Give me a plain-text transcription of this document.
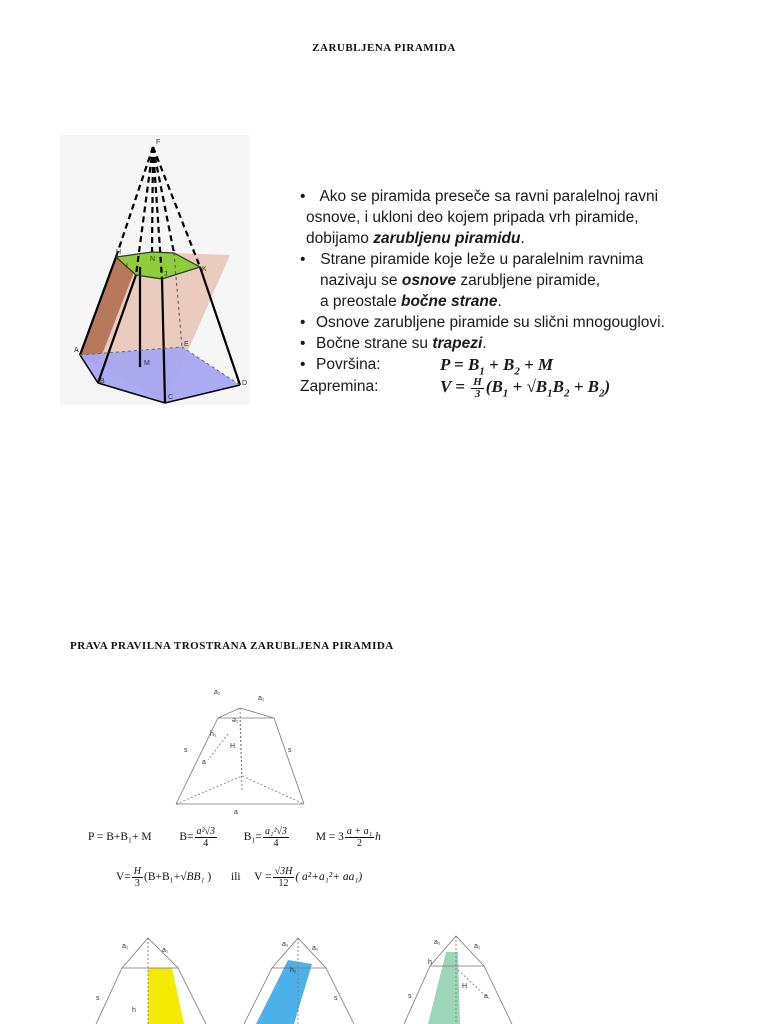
ZARUBLJENA PIRAMIDA
F
H	L
K
N
I
J
A
B
C
D
E
M
• Ako se piramida preseče sa ravni paralelnoj ravni
osnove, i ukloni deo kojem pripada vrh piramide,
dobijamo zarubljenu piramidu.
• Strane piramide koje leže u paralelnim ravnima
nazivaju se osnove zarubljene piramide,
a preostale bočne strane.
• Osnove zarubljene piramide su slični mnogouglovi.
• Bočne strane su trapezi.
• Površina:	$P = B_1 + B_2 + M$
Zapremina:	$V = \frac{H}{3} (B_1 + √B_1B_2 + B_2)$
PRAVA PRAVILNA TROSTRANA ZARUBLJENA PIRAMIDA
a₁
a₁
ə₁
h₁
H
s	s
a
a
P = B+B₁+ M $B= \frac{\text{a²√3}}{4} B_1= \frac{\text{a₁²√3}}{4}$ $M = 3 \frac{\text{a + a₁}}{2}$ h
$V= \frac{H}{3} (B+B_1+√BB_1$ ) ili $V = \frac{√3H}{12}$ ( a²+a₁²+ aa₁)
a₁
a₁
s
h
a₁
a₁
h₁
s
a₁
a₁
h
H
s	a
